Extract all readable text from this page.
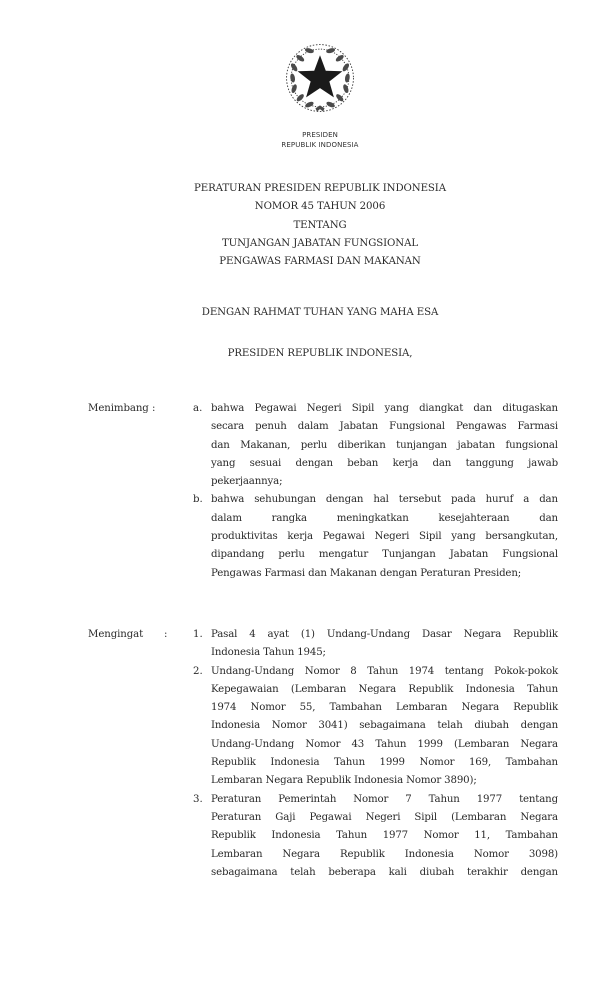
PRESIDEN
REPUBLIK INDONESIA
PERATURAN PRESIDEN REPUBLIK INDONESIA
NOMOR 45 TAHUN 2006
TENTANG
TUNJANGAN JABATAN FUNGSIONAL
PENGAWAS FARMASI DAN MAKANAN
DENGAN RAHMAT TUHAN YANG MAHA ESA
PRESIDEN REPUBLIK INDONESIA,
Menimbang :	a. bahwa Pegawai Negeri Sipil yang diangkat dan ditugaskan
secara penuh dalam Jabatan Fungsional Pengawas Farmasi
dan Makanan, perlu diberikan tunjangan jabatan fungsional
yang sesuai dengan beban kerja dan tanggung jawab
pekerjaannya;
b. bahwa sehubungan dengan hal tersebut pada huruf a dan
dalam	rangka	meningkatkan	kesejahteraan	dan
produktivitas kerja Pegawai Negeri Sipil yang bersangkutan,
dipandang perlu mengatur Tunjangan Jabatan Fungsional
Pengawas Farmasi dan Makanan dengan Peraturan Presiden;
Mengingat :	1. Pasal 4 ayat (1) Undang-Undang Dasar Negara Republik
Indonesia Tahun 1945;
2. Undang-Undang Nomor 8 Tahun 1974 tentang Pokok-pokok
Kepegawaian (Lembaran Negara Republik Indonesia Tahun
1974 Nomor 55, Tambahan Lembaran Negara Republik
Indonesia Nomor 3041) sebagaimana telah diubah dengan
Undang-Undang Nomor 43 Tahun 1999 (Lembaran Negara
Republik Indonesia Tahun 1999 Nomor 169, Tambahan
Lembaran Negara Republik Indonesia Nomor 3890);
3. Peraturan Pemerintah Nomor 7 Tahun 1977 tentang
Peraturan Gaji Pegawai Negeri Sipil (Lembaran Negara
Republik Indonesia Tahun 1977 Nomor 11, Tambahan
Lembaran Negara Republik Indonesia Nomor 3098)
sebagaimana telah beberapa kali diubah terakhir dengan
